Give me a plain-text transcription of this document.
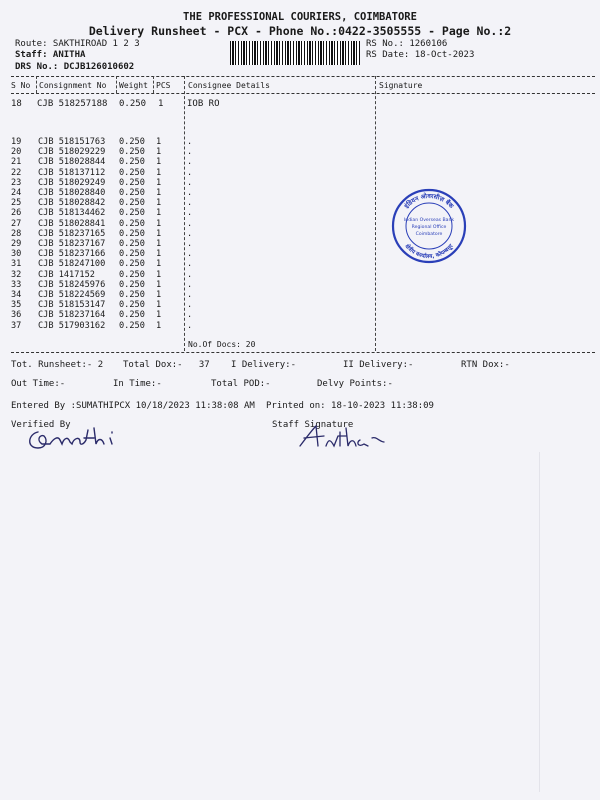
THE PROFESSIONAL COURIERS, COIMBATORE
Delivery Runsheet - PCX - Phone No.:0422-3505555 - Page No.:2
Route: SAKTHIROAD 1 2 3
Staff: ANITHA
DRS No.: DCJB126010602
RS No.: 1260106
RS Date: 18-Oct-2023
S No Consignment No Weight PCS Consignee Details	Signature
18 CJB 518257188 0.250 1	IOB RO
19	CJB 518151763	0.250	1	.
20	CJB 518029229	0.250	1	.
21	CJB 518028844	0.250	1	.
22	CJB 518137112	0.250	1	.
23	CJB 518029249	0.250	1	.
24	CJB 518028840	0.250	1	.
25	CJB 518028842	0.250	1	.
26	CJB 518134462	0.250	1	.
27	CJB 518028841	0.250	1	.
28	CJB 518237165	0.250	1	.
29	CJB 518237167	0.250	1	.
30	CJB 518237166	0.250	1	.
31	CJB 518247100	0.250	1	.
32	CJB 1417152	0.250	1	.
33	CJB 518245976	0.250	1	.
34	CJB 518224569	0.250	1	.
35	CJB 518153147	0.250	1	.
36	CJB 518237164	0.250	1	.
37	CJB 517903162	0.250	1	.
No.Of Docs: 20
इंडियन ओवरसीज़ बैंक
क्षेत्रीय कार्यालय, कोयम्बत्तूर
Indian Overseas Bank
Regional Office
Coimbatore
Tot. Runsheet:- 2 Total Dox:-   37 I Delivery:-	II Delivery:-	RTN Dox:-
Out Time:-	In Time:-	Total POD:-	Delvy Points:-
Entered By :SUMATHIPCX 10/18/2023 11:38:08 AM Printed on: 18-10-2023 11:38:09
Verified By	Staff Signature
